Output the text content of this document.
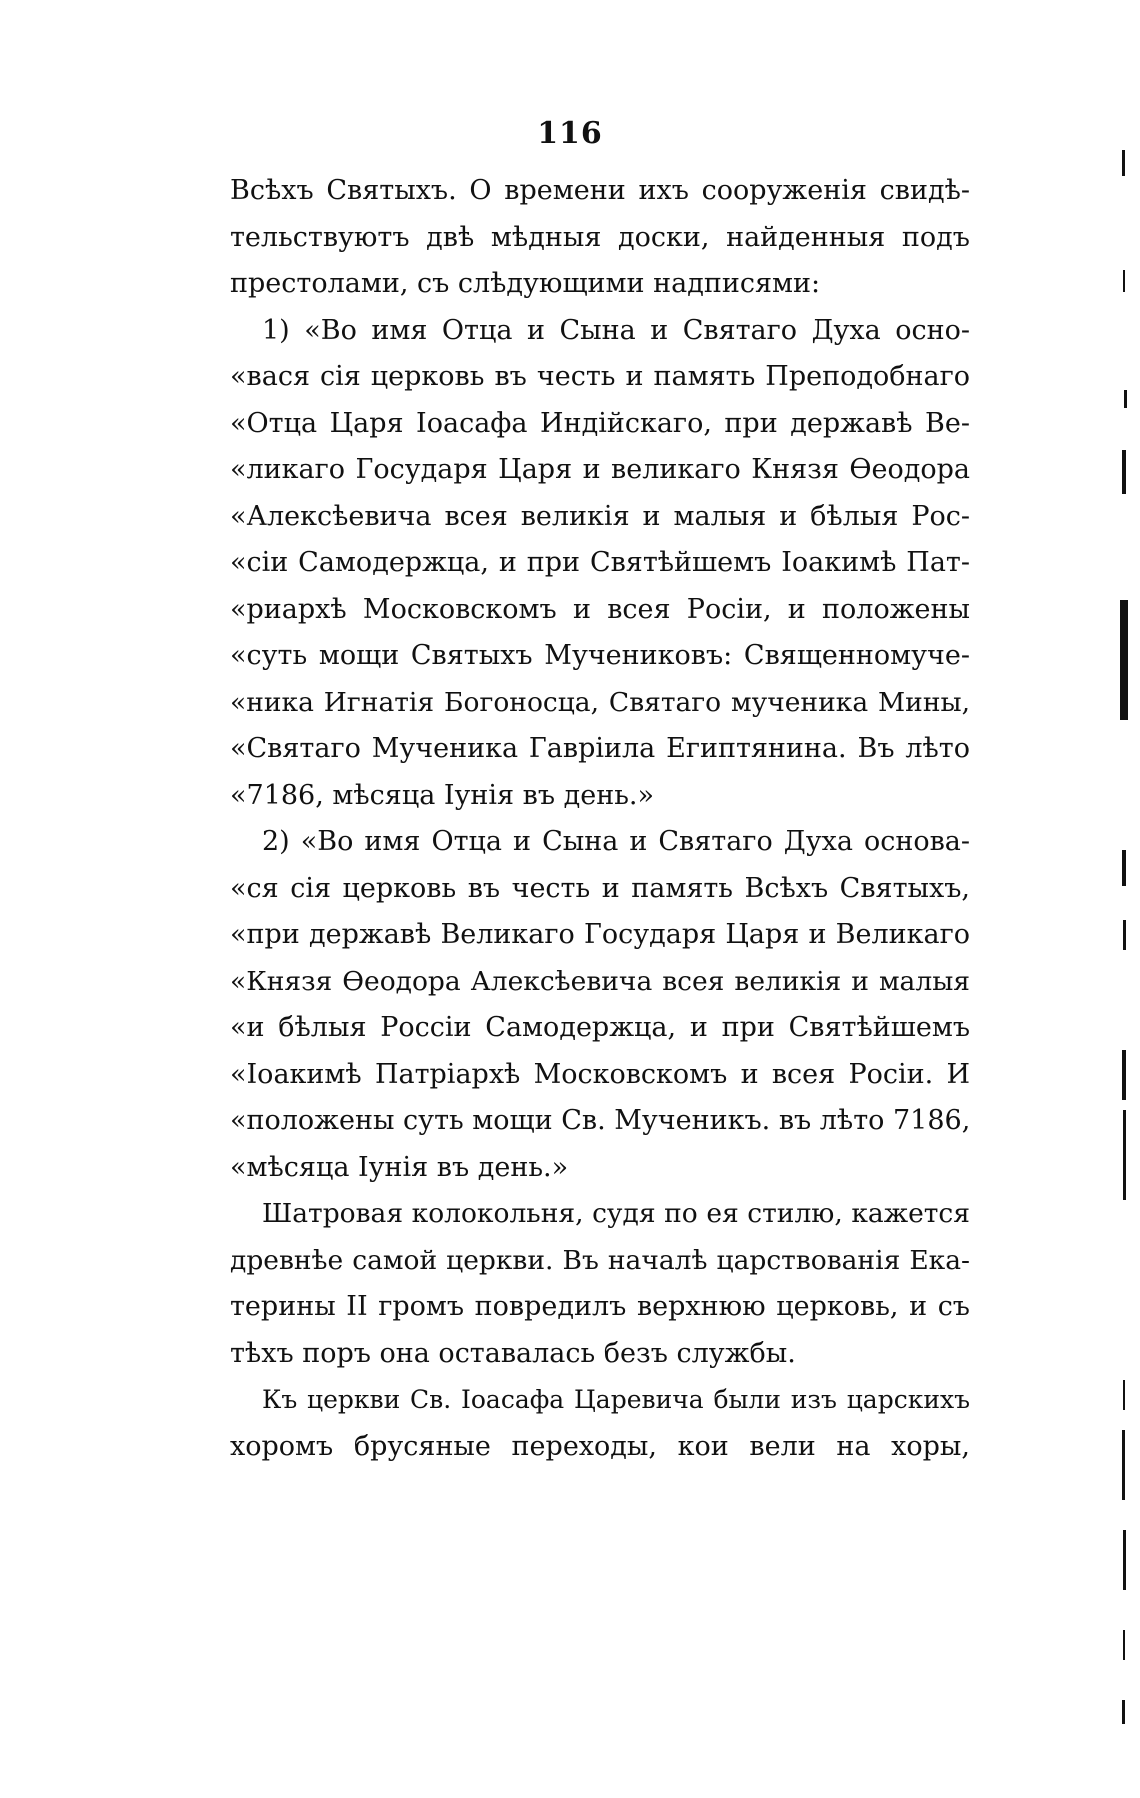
116
Всѣхъ Святыхъ. О времени ихъ сооруженія свидѣ-
тельствуютъ двѣ мѣдныя доски, найденныя подъ
престолами, съ слѣдующими надписями:
1) «Во имя Отца и Сына и Святаго Духа осно-
«вася сія церковь въ честь и память Преподобнаго
«Отца Царя Іоасафа Индійскаго, при державѣ Ве-
«ликаго Государя Царя и великаго Князя Ѳеодора
«Алексѣевича всея великія и малыя и бѣлыя Рос-
«сіи Самодержца, и при Святѣйшемъ Іоакимѣ Пат-
«риархѣ Московскомъ и всея Росіи, и положены
«суть мощи Святыхъ Мучениковъ: Священномуче-
«ника Игнатія Богоносца, Святаго мученика Мины,
«Святаго Мученика Гавріила Египтянина. Въ лѣто
«7186, мѣсяца Іунія въ день.»
2) «Во имя Отца и Сына и Святаго Духа основа-
«ся сія церковь въ честь и память Всѣхъ Святыхъ,
«при державѣ Великаго Государя Царя и Великаго
«Князя Ѳеодора Алексѣевича всея великія и малыя
«и бѣлыя Россіи Самодержца, и при Святѣйшемъ
«Іоакимѣ Патріархѣ Московскомъ и всея Росіи. И
«положены суть мощи Св. Мученикъ. въ лѣто 7186,
«мѣсяца Іунія въ день.»
Шатровая колокольня, судя по ея стилю, кажется
древнѣе самой церкви. Въ началѣ царствованія Ека-
терины II громъ повредилъ верхнюю церковь, и съ
тѣхъ поръ она оставалась безъ службы.
Къ церкви Св. Іоасафа Царевича были изъ царскихъ
хоромъ брусяные переходы, кои вели на хоры,
